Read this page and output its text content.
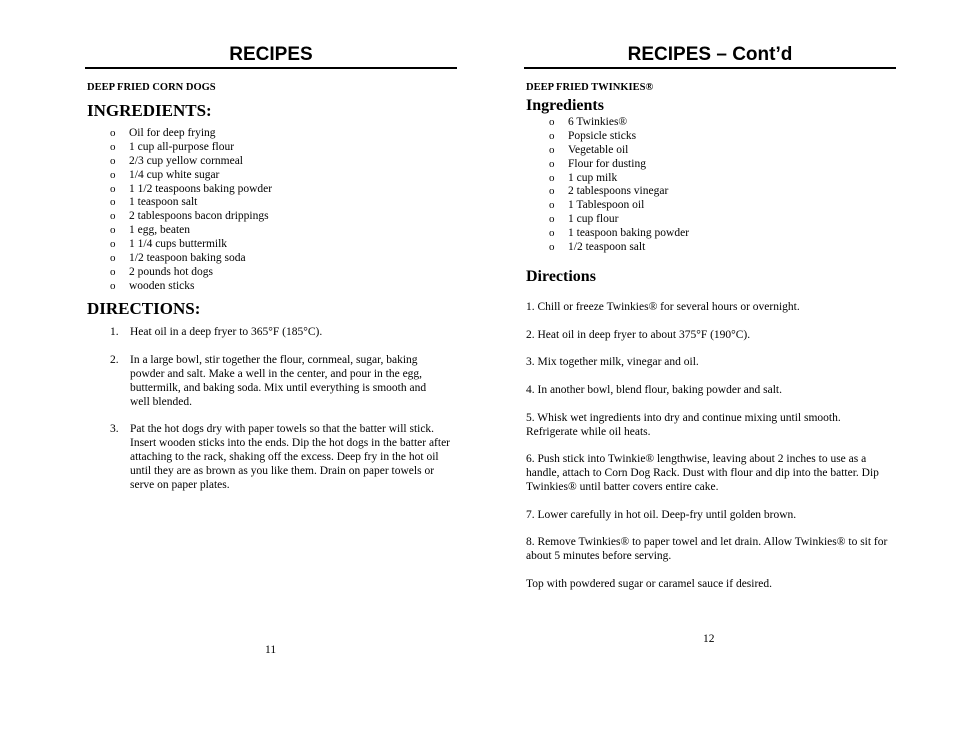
RECIPES
DEEP FRIED CORN DOGS
INGREDIENTS:
o Oil for deep frying
o 1 cup all-purpose flour
o 2/3 cup yellow cornmeal
o 1/4 cup white sugar
o 1 1/2 teaspoons baking powder
o 1 teaspoon salt
o 2 tablespoons bacon drippings
o 1 egg, beaten
o 1 1/4 cups buttermilk
o 1/2 teaspoon baking soda
o 2 pounds hot dogs
o wooden sticks
DIRECTIONS:
1. Heat oil in a deep fryer to 365°F (185°C).
2. In a large bowl, stir together the flour, cornmeal, sugar, baking powder and salt. Make a well in the center, and pour in the egg, buttermilk, and baking soda. Mix until everything is smooth and well blended.
3. Pat the hot dogs dry with paper towels so that the batter will stick. Insert wooden sticks into the ends. Dip the hot dogs in the batter after attaching to the rack, shaking off the excess. Deep fry in the hot oil until they are as brown as you like them. Drain on paper towels or serve on paper plates.
11
RECIPES – Cont’d
DEEP FRIED TWINKIES®
Ingredients
o 6 Twinkies®
o Popsicle sticks
o Vegetable oil
o Flour for dusting
o 1 cup milk
o 2 tablespoons vinegar
o 1 Tablespoon oil
o 1 cup flour
o 1 teaspoon baking powder
o 1/2 teaspoon salt
Directions
1. Chill or freeze Twinkies® for several hours or overnight.
2. Heat oil in deep fryer to about 375°F (190°C).
3. Mix together milk, vinegar and oil.
4. In another bowl, blend flour, baking powder and salt.
5. Whisk wet ingredients into dry and continue mixing until smooth. Refrigerate while oil heats.
6. Push stick into Twinkie® lengthwise, leaving about 2 inches to use as a handle, attach to Corn Dog Rack. Dust with flour and dip into the batter. Dip Twinkies® until batter covers entire cake.
7. Lower carefully in hot oil. Deep-fry until golden brown.
8. Remove Twinkies® to paper towel and let drain. Allow Twinkies® to sit for about 5 minutes before serving.
Top with powdered sugar or caramel sauce if desired.
12
